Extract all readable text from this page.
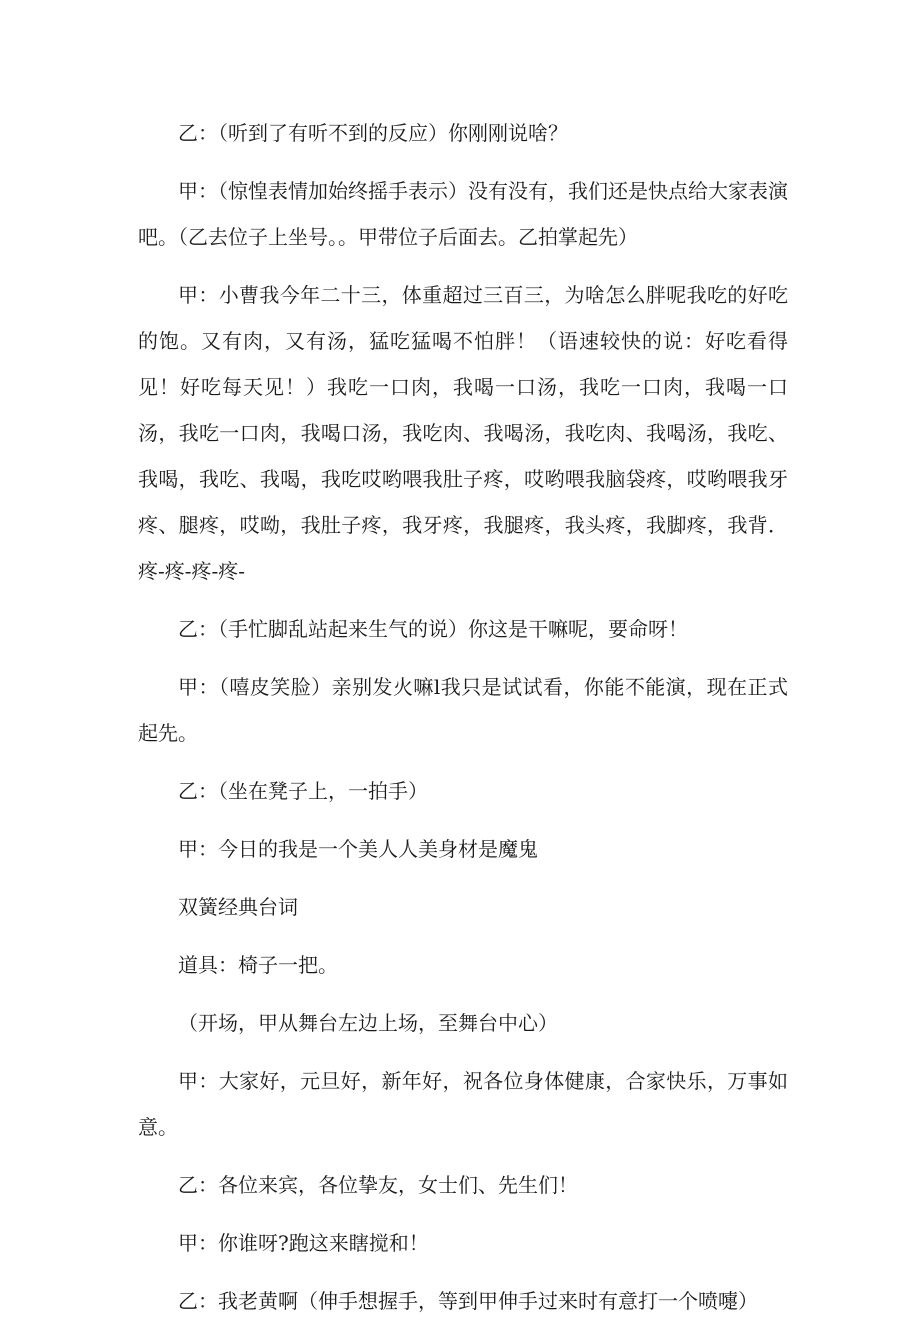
乙：（听到了有听不到的反应）你刚刚说啥？

甲：（惊惶表情加始终摇手表示）没有没有，我们还是快点给大家表演吧。（乙去位子上坐号。。甲带位子后面去。乙拍掌起先）

甲：小曹我今年二十三，体重超过三百三，为啥怎么胖呢我吃的好吃的饱。又有肉，又有汤，猛吃猛喝不怕胖！（语速较快的说：好吃看得见！好吃每天见！）我吃一口肉，我喝一口汤，我吃一口肉，我喝一口汤，我吃一口肉，我喝口汤，我吃肉、我喝汤，我吃肉、我喝汤，我吃、我喝，我吃、我喝，我吃哎哟喂我肚子疼，哎哟喂我脑袋疼，哎哟喂我牙疼、腿疼，哎呦，我肚子疼，我牙疼，我腿疼，我头疼，我脚疼，我背．疼-疼-疼-疼-

乙：（手忙脚乱站起来生气的说）你这是干嘛呢，要命呀！

甲：（嘻皮笑脸）亲别发火嘛l我只是试试看，你能不能演，现在正式起先。

乙：（坐在凳子上，一拍手）

甲：今日的我是一个美人人美身材是魔鬼

双簧经典台词

道具：椅子一把。

（开场，甲从舞台左边上场，至舞台中心）

甲：大家好，元旦好，新年好，祝各位身体健康，合家快乐，万事如意。

乙：各位来宾，各位挚友，女士们、先生们！

甲：你谁呀?跑这来瞎搅和！

乙：我老黄啊（伸手想握手，等到甲伸手过来时有意打一个喷嚏）
